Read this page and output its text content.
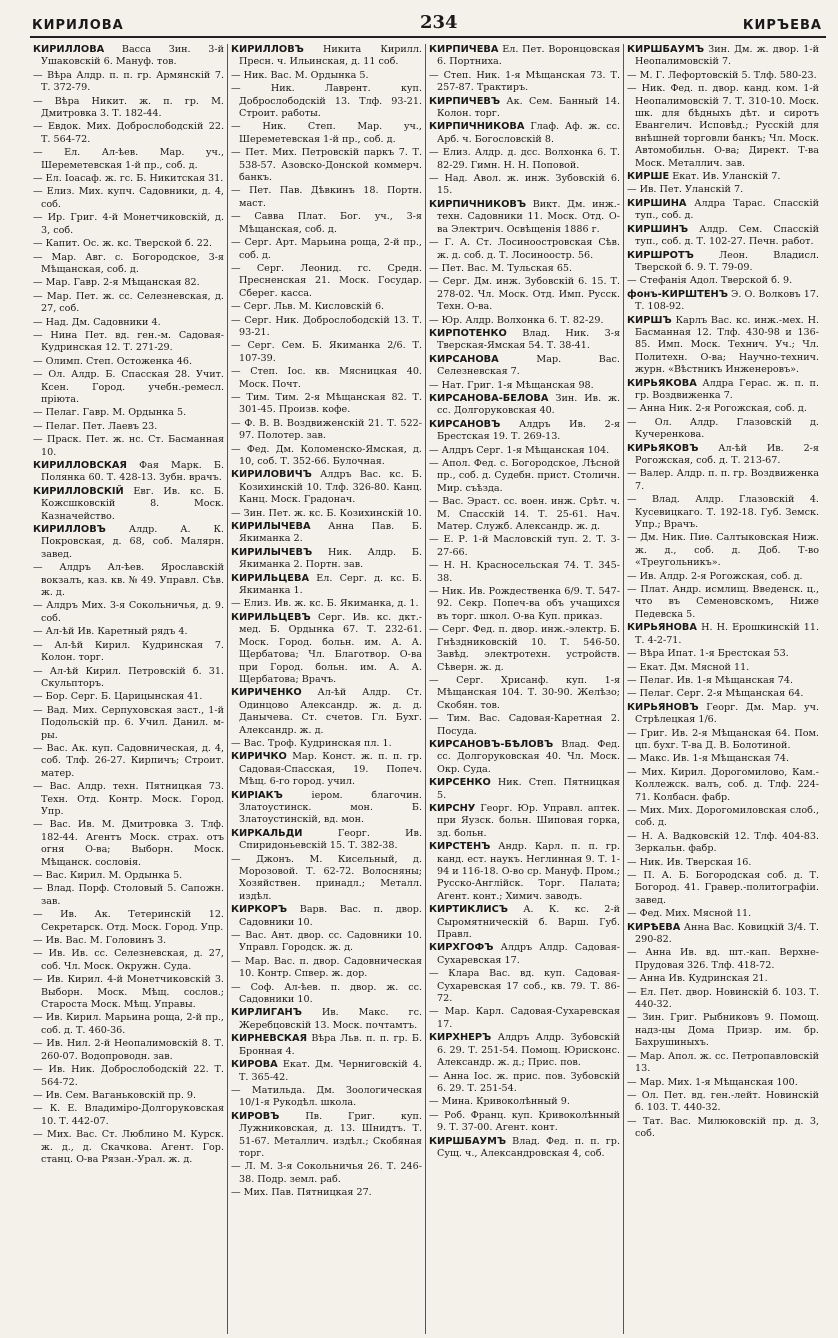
КИРИЛОВА	234	КИРЪЕВА
КИРИЛЛОВА Васса Зин. 3-й Ушаковскій 6. Мануф. тов.
— Вѣра Алдр. п. п. гр. Армянскій 7. Т. 372-79.
— Вѣра Никит. ж. п. гр. М. Дмитровка 3. Т. 182-44.
— Евдок. Мих. Доброслободскій 22. Т. 564-72.
— Ел. Ал-ѣев. Мар. уч., Шереметевская 1-й пр., соб. д.
— Ел. Іоасаф. ж. гс. Б. Никитская 31.
— Елиз. Мих. купч. Садовники, д. 4, соб.
— Ир. Григ. 4-й Монетчиковскій, д. 3, соб.
— Капит. Ос. ж. кс. Тверской б. 22.
— Мар. Авг. с. Богородское, 3-я Мѣщанская, соб. д.
— Мар. Гавр. 2-я Мѣщанская 82.
— Мар. Пет. ж. сс. Селезневская, д. 27, соб.
— Над. Дм. Садовники 4.
— Нина Пет. вд. ген.-м. Садовая-Кудринская 12. Т. 271-29.
— Олимп. Степ. Остоженка 46.
— Ол. Алдр. Б. Спасская 28. Учит. Ксен. Город. учебн.-ремесл. пріюта.
— Пелаг. Гавр. М. Ордынка 5.
— Пелаг. Пет. Лаевъ 23.
— Праск. Пет. ж. нс. Ст. Басманная 10.
КИРИЛЛОВСКАЯ Фая Марк. Б. Полянка 60. Т. 428-13. Зубн. врачъ.
КИРИЛЛОВСКІЙ Евг. Ив. кс. Б. Кожсшковскій 8. Моск. Казначейство.
КИРИЛЛОВЪ Алдр. А. К. Покровская, д. 68, соб. Малярн. завед.
— Алдръ Ал-ѣев. Ярославскій вокзалъ, каз. кв. № 49. Управл. Сѣв. ж. д.
— Алдръ Мих. 3-я Сокольничья, д. 9. соб.
— Ал-ѣй Ив. Каретный рядъ 4.
— Ал-ѣй Кирил. Кудринская 7. Колон. торг.
— Ал-ѣй Кирил. Петровскій б. 31. Скульпторъ.
— Бор. Серг. Б. Царицынская 41.
— Вад. Мих. Серпуховская заст., 1-й Подольскій пр. 6. Учил. Данил. м-ры.
— Вас. Ак. куп. Садовническая, д. 4, соб. Тлф. 26-27. Кирпичъ; Строит. матер.
— Вас. Алдр. техн. Пятницкая 73. Техн. Отд. Контр. Моск. Город. Упр.
— Вас. Ив. М. Дмитровка 3. Тлф. 182-44. Агентъ Моск. страх. отъ огня О-ва; Выборн. Моск. Мѣщанск. сословія.
— Вас. Кирил. М. Ордынка 5.
— Влад. Порф. Столовый 5. Сапожн. зав.
— Ив. Ак. Тетеринскій 12. Секретарск. Отд. Моск. Город. Упр.
— Ив. Вас. М. Головинъ 3.
— Ив. Ив. сс. Селезневская, д. 27, соб. Чл. Моск. Окружн. Суда.
— Ив. Кирил. 4-й Монетчиковскій 3. Выборн. Моск. Мѣщ. сослов.; Староста Моск. Мѣщ. Управы.
— Ив. Кирил. Марьина роща, 2-й пр., соб. д. Т. 460-36.
— Ив. Нил. 2-й Неопалимовскій 8. Т. 260-07. Водопроводн. зав.
— Ив. Ник. Доброслободскій 22. Т. 564-72.
— Ив. Сем. Ваганьковскій пр. 9.
— К. Е. Владиміро-Долгоруковская 10. Т. 442-07.
— Мих. Вас. Ст. Люблино М. Курск. ж. д., д. Скачкова. Агент. Гор. станц. О-ва Рязан.-Урал. ж. д.
КИРИЛЛОВЪ Никита Кирилл. Пресн. ч. Ильинская, д. 11 соб.
— Ник. Вас. М. Ордынка 5.
— Ник. Лаврент. куп. Доброслободскій 13. Тлф. 93-21. Строит. работы.
— Ник. Степ. Мар. уч., Шереметевская 1-й пр., соб. д.
— Пет. Мих. Петровскій паркъ 7. Т. 538-57. Азовско-Донской коммерч. банкъ.
— Пет. Пав. Дѣвкинъ 18. Портн. маст.
— Савва Плат. Бог. уч., 3-я Мѣщанская, соб. д.
— Серг. Арт. Марьина роща, 2-й пр., соб. д.
— Серг. Леонид. гс. Средн. Пресненская 21. Моск. Государ. Сберег. касса.
— Серг. Льв. М. Кисловскій 6.
— Серг. Ник. Доброслободскій 13. Т. 93-21.
— Серг. Сем. Б. Якиманка 2/6. Т. 107-39.
— Степ. Іос. кв. Мясницкая 40. Моск. Почт.
— Тим. Тим. 2-я Мѣщанская 82. Т. 301-45. Произв. кофе.
— Ф. В. В. Воздвиженскій 21. Т. 522-97. Полотер. зав.
— Фед. Дм. Коломенско-Ямская, д. 10, соб. Т. 352-66. Булочная.
КИРИЛОВИЧЪ Алдръ Вас. кс. Б. Козихинскій 10. Тлф. 326-80. Канц. Канц. Моск. Градонач.
— Зин. Пет. ж. кс. Б. Козихинскій 10.
КИРИЛЫЧЕВА Анна Пав. Б. Якиманка 2.
КИРИЛЫЧЕВЪ Ник. Алдр. Б. Якиманка 2. Портн. зав.
КИРИЛЬЦЕВА Ел. Серг. д. кс. Б. Якиманка 1.
— Елиз. Ив. ж. кс. Б. Якиманка, д. 1.
КИРИЛЬЦЕВЪ Серг. Ив. кс. дкт.-мед. Б. Ордынка 67. Т. 232-61. Моск. Город. больн. им. А. А. Щербатова; Чл. Благотвор. О-ва при Город. больн. им. А. А. Щербатова; Врачъ.
КИРИЧЕНКО Ал-ѣй Алдр. Ст. Одинцово Александр. ж. д. д. Данычева. Ст. счетов. Гл. Бухг. Александр. ж. д.
— Вас. Троф. Кудринская пл. 1.
КИРИЧКО Мар. Конст. ж. п. п. гр. Садовая-Спасская, 19. Попеч. Мѣщ. 6-го город. учил.
КИРІАКЪ	іером. благочин. Златоустинск. мон. Б. Златоустинскій, вд. мон.
КИРКАЛЬДИ	Георг. Ив. Спиридоньевскій 15. Т. 382-38.
— Джонъ. М. Кисельный, д. Морозовой. Т. 62-72. Волосняны; Хозяйствен. принадл.; Металл. издѣл.
КИРКОРЪ Варв. Вас. п. двор. Садовники 10.
— Вас. Ант. двор. сс. Садовники 10. Управл. Городск. ж. д.
— Мар. Вас. п. двор. Садовническая 10. Контр. Спвер. ж. дор.
— Соф. Ал-ѣев. п. двор. ж. сс. Садовники 10.
КИРЛИГАНЪ Ив. Макс. гс. Жеребцовскій 13. Моск. почтамтъ.
КИРНЕВСКАЯ Вѣра Льв. п. п. гр. Б. Бронная 4.
КИРОВА Екат. Дм. Черниговскій 4. Т. 365-42.
— Матильда. Дм. Зоологическая 10/1-я Рукодѣл. школа.
КИРОВЪ	Пв. Григ. куп. Лужниковская, д. 13. Шнидтъ. Т. 51-67. Металлич. издѣл.; Скобяная торг.
— Л. М. 3-я Сокольничья 26. Т. 246-38. Подр. земл. раб.
— Мих. Пав. Пятницкая 27.
КИРПИЧЕВА Ел. Пет. Воронцовская 6. Портниха.
— Степ. Ник. 1-я Мѣщанская 73. Т. 257-87. Трактиръ.
КИРПИЧЕВЪ Ак. Сем. Банный 14. Колон. торг.
КИРПИЧНИКОВА Глаф. Аф. ж. сс. Арб. ч. Богословскій 8.
— Елиз. Алдр. д. дсс. Волхонка 6. Т. 82-29. Гимн. Н. Н. Поповой.
— Над. Авол. ж. инж. Зубовскій 6. 15.
КИРПИЧНИКОВЪ Викт. Дм. инж.-техн. Садовники 11. Моск. Отд. О-ва Электрич. Освѣщенія 1886 г.
— Г. А. Ст. Лосиноостровская Сѣв. ж. д. соб. д. Т. Лосиноостр. 56.
— Пет. Вас. М. Тульская 65.
— Серг. Дм. инж. Зубовскій 6. 15. Т. 278-02. Чл. Моск. Отд. Имп. Русск. Техн. О-ва.
— Юр. Алдр. Волхонка 6. Т. 82-29.
КИРПОТЕНКО Влад. Ник. 3-я Тверская-Ямская 54. Т. 38-41.
КИРСАНОВА	Мар. Вас. Селезневская 7.
— Нат. Григ. 1-я Мѣщанская 98.
КИРСАНОВА-БЕЛОВА Зин. Ив. ж. сс. Долгоруковская 40.
КИРСАНОВЪ Алдръ Ив. 2-я Брестская 19. Т. 269-13.
— Алдръ Серг. 1-я Мѣщанская 104.
— Апол. Фед. с. Богородское, Лѣсной пр., соб. д. Судебн. прист. Столичн. Мир. съѣзда.
— Вас. Эраст. сс. воен. инж. Срѣт. ч. М. Спасскій 14. Т. 25-61. Нач. Матер. Служб. Александр. ж. д.
— Е. Р. 1-й Масловскій туп. 2. Т. 3-27-66.
— Н. Н. Красносельская 74. Т. 345-38.
— Ник. Ив. Рождественка 6/9. Т. 547-92. Секр. Попеч-ва объ учащихся въ торг. школ. О-ва Куп. приказ.
— Серг. Фед. п. двор. инж.-электр. Б. Гнѣздниковскій 10. Т. 546-50. Завѣд. электротехн. устройств. Сѣверн. ж. д.
— Серг. Хрисанф. куп. 1-я Мѣщанская 104. Т. 30-90. Желѣзо; Скобян. тов.
— Тим. Вас. Садовая-Каретная 2. Посуда.
КИРСАНОВЪ-БѢЛОВЪ Влад. Фед. сс. Долгоруковская 40. Чл. Моск. Окр. Суда.
КИРСЕНКО Ник. Степ. Пятницкая 5.
КИРСНУ Георг. Юр. Управл. аптек. при Яузск. больн. Шиповая горка, зд. больн.
КИРСТЕНЪ Андр. Карл. п. п. гр. канд. ест. наукъ. Неглинная 9. Т. 1-94 и 116-18. О-во ср. Мануф. Пром.; Русско-Англійск. Торг. Палата; Агент. конт.; Химич. заводъ.
КИРТИКЛИСЪ А. К. кс. 2-й Сыромятническій б. Варш. Губ. Правл.
КИРХГОФЪ Алдръ Алдр. Садовая-Сухаревская 17.
— Клара Вас. вд. куп. Садовая-Сухаревская 17 соб., кв. 79. Т. 86-72.
— Мар. Карл. Садовая-Сухаревская 17.
КИРХНЕРЪ Алдръ Алдр. Зубовскій 6. 29. Т. 251-54. Помощ. Юрисконс. Александр. ж. д.; Прис. пов.
— Анна Іос. ж. прис. пов. Зубовскій 6. 29. Т. 251-54.
— Мина. Кривоколѣнный 9.
— Роб. Франц. куп. Кривоколѣнный 9. Т. 37-00. Агент. конт.
КИРШБАУМЪ Влад. Фед. п. п. гр. Сущ. ч., Александровская 4, соб.
КИРШБАУМЪ Зин. Дм. ж. двор. 1-й Неопалимовскій 7.
— М. Г. Лефортовскій 5. Тлф. 580-23.
— Ник. Фед. п. двор. канд. ком. 1-й Неопалимовскій 7. Т. 310-10. Моск. шк. для бѣдныхъ дѣт. и сиротъ Евангелич. Исповѣд.; Русскій для внѣшней торговли банкъ; Чл. Моск. Автомобильн. О-ва; Директ. Т-ва Моск. Металлич. зав.
КИРШЕ Екат. Ив. Уланскій 7.
— Ив. Пет. Уланскій 7.
КИРШИНА Алдра Тарас. Спасскій туп., соб. д.
КИРШИНЪ Алдр. Сем. Спасскій туп., соб. д. Т. 102-27. Печн. работ.
КИРШРОТЪ	Леон. Владисл. Тверской б. 9. Т. 79-09.
— Стефанія Адол. Тверской б. 9.
фонъ-КИРШТЕНЪ Э. О. Волковъ 17. Т. 108-92.
КИРШЪ Карлъ Вас. кс. инж.-мех. Н. Басманная 12. Тлф. 430-98 и 136-85. Имп. Моск. Технич. Уч.; Чл. Политехн. О-ва; Научно-технич. журн. «Вѣстникъ Инженеровъ».
КИРЬЯКОВА Алдра Герас. ж. п. п. гр. Воздвиженка 7.
— Анна Ник. 2-я Рогожская, соб. д.
— Ол. Алдр. Глазовскій д. Кучеренкова.
КИРЬЯКОВЪ Ал-ѣй Ив. 2-я Рогожская, соб. д. Т. 213-67.
— Валер. Алдр. п. п. гр. Воздвиженка 7.
— Влад. Алдр. Глазовскій 4. Кусевицкаго. Т. 192-18. Губ. Земск. Упр.; Врачъ.
— Дм. Ник. Пиѳ. Салтыковская Ниж. ж. д., соб. д. Доб. Т-во «Треугольникъ».
— Ив. Алдр. 2-я Рогожская, соб. д.
— Плат. Андр. исмлищ. Введенск. ц., что въ Семеновскомъ, Ниже Педевска 5.
КИРЬЯНОВА Н. Н. Ерошкинскій 11. Т. 4-2-71.
— Вѣра Ипат. 1-я Брестская 53.
— Екат. Дм. Мясной 11.
— Пелаг. Ив. 1-я Мѣщанская 74.
— Пелаг. Серг. 2-я Мѣщанская 64.
КИРЬЯНОВЪ Георг. Дм. Мар. уч. Стрѣлецкая 1/6.
— Григ. Ив. 2-я Мѣщанская 64. Пом. цп. бухг. Т-ва Д. В. Болотиной.
— Макс. Ив. 1-я Мѣщанская 74.
— Мих. Кирил. Дорогомилово, Кам.-Коллежск. валъ, соб. д. Тлф. 224-71. Колбасн. фабр.
— Мих. Мих. Дорогомиловская слоб., соб. д.
— Н. А. Вадковскій 12. Тлф. 404-83. Зеркальн. фабр.
— Ник. Ив. Тверская 16.
— П. А. Б. Богородская соб. д. Т. Богород. 41. Гравер.-политографіи. завед.
— Фед. Мих. Мясной 11.
КИРѢЕВА Анна Вас. Ковицкій 3/4. Т. 290-82.
— Анна Ив. вд. шт.-кап. Верхне-Прудовая 326. Тлф. 418-72.
— Анна Ив. Кудринская 21.
— Ел. Пет. двор. Новинскій б. 103. Т. 440-32.
— Зин. Григ. Рыбниковъ 9. Помощ. надз-цы Дома Призр. им. бр. Бахрушиныхъ.
— Мар. Апол. ж. сс. Петропавловскій 13.
— Мар. Мих. 1-я Мѣщанская 100.
— Ол. Пет. вд. ген.-лейт. Новинскій б. 103. Т. 440-32.
— Тат. Вас. Милюковскій пр. д. 3, соб.
